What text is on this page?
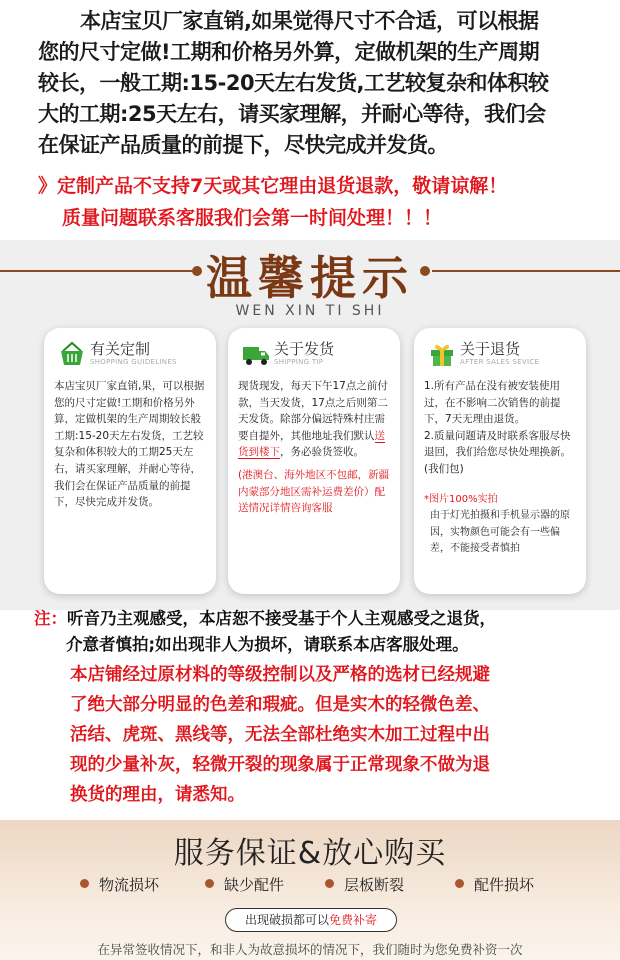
本店宝贝厂家直销,如果觉得尺寸不合适，可以根据

您的尺寸定做!工期和价格另外算，定做机架的生产周期

较长，一般工期:15-20天左右发货,工艺较复杂和体积较

大的工期:25天左右，请买家理解，并耐心等待，我们会

在保证产品质量的前提下，尽快完成并发货。

》定制产品不支持7天或其它理由退货退款，敬请谅解！

质量问题联系客服我们会第一时间处理！！！

温馨提示
WEN XIN TI SHI
有关定制
SHOPPING GUIDELINES

本店宝贝厂家直销,果，可以根据您的尺寸定做!工期和价格另外算，定做机架的生产周期较长般工期:15-20天左右发货，工艺较复杂和体积较大的工期25天左右，请买家理解，并耐心等待，我们会在保证产品质量的前提下，尽快完成并发货。

关于发货
SHIPPING TIP

现货现发，每天下午17点之前付款，当天发货，17点之后则第二天发货。除部分偏远特殊村庄需要自提外，其他地址我们默认送货到楼下，务必验货签收。

(港澳台、海外地区不包邮，新疆内蒙部分地区需补运费差价）配送情况详情咨询客服

关于退货
AFTER SALES SEVICE

1.所有产品在没有被安装使用过，在不影响二次销售的前提下，7天无理由退货。

2.质量问题请及时联系客服尽快退回，我们给您尽快处理换新。(我们包)

*图片100%实拍

由于灯光拍摄和手机显示器的原因，实物颜色可能会有一些偏差，不能接受者慎拍

注：听音乃主观感受，本店恕不接受基于个人主观感受之退货，

介意者慎拍;如出现非人为损坏，请联系本店客服处理。

本店铺经过原材料的等级控制以及严格的选材已经规避

了绝大部分明显的色差和瑕疵。但是实木的轻微色差、

活结、虎斑、黑线等，无法全部杜绝实木加工过程中出

现的少量补灰，轻微开裂的现象属于正常现象不做为退

换货的理由，请悉知。

服务保证&放心购买
物流损坏	缺少配件	层板断裂	配件损坏
出现破损都可以免费补寄
在异常签收情况下，和非人为故意损坏的情况下，我们随时为您免费补资一次
